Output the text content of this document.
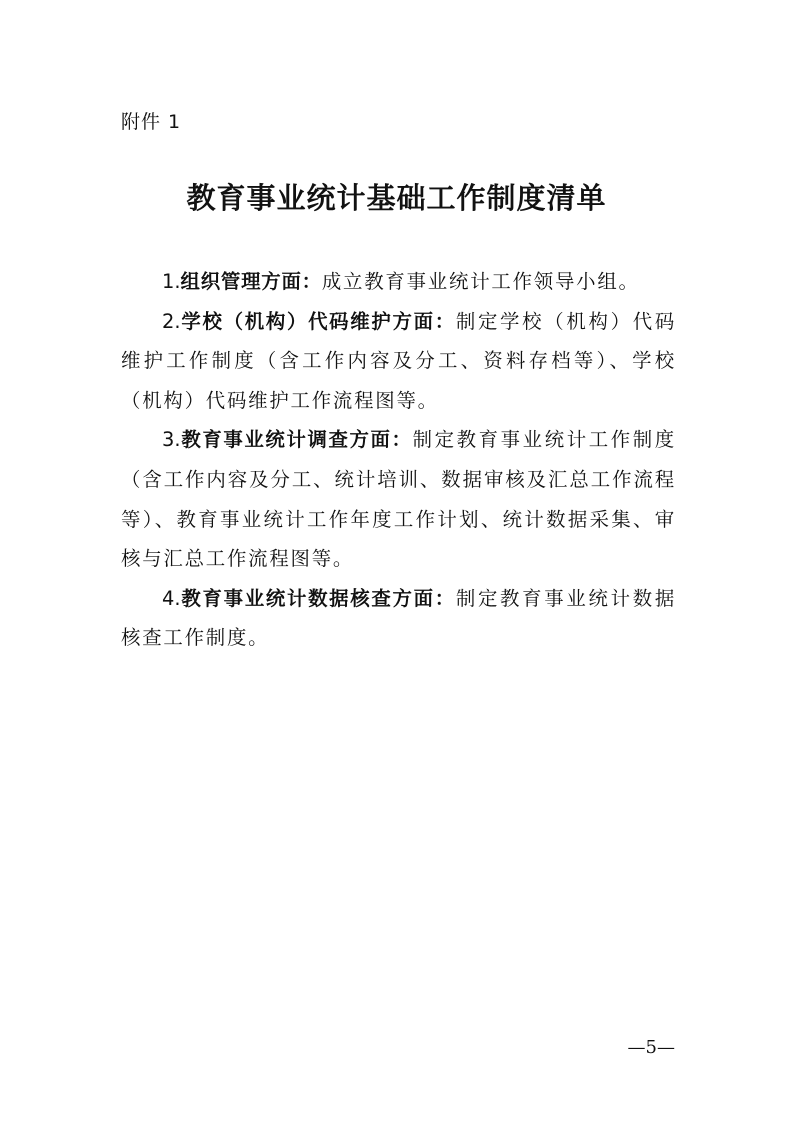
附件 1
教育事业统计基础工作制度清单

1.组织管理方面：成立教育事业统计工作领导小组。

2.学校（机构）代码维护方面：制定学校（机构）代码维护工作制度（含工作内容及分工、资料存档等）、学校（机构）代码维护工作流程图等。

3.教育事业统计调查方面：制定教育事业统计工作制度（含工作内容及分工、统计培训、数据审核及汇总工作流程等）、教育事业统计工作年度工作计划、统计数据采集、审核与汇总工作流程图等。

4.教育事业统计数据核查方面：制定教育事业统计数据核查工作制度。

—5—
